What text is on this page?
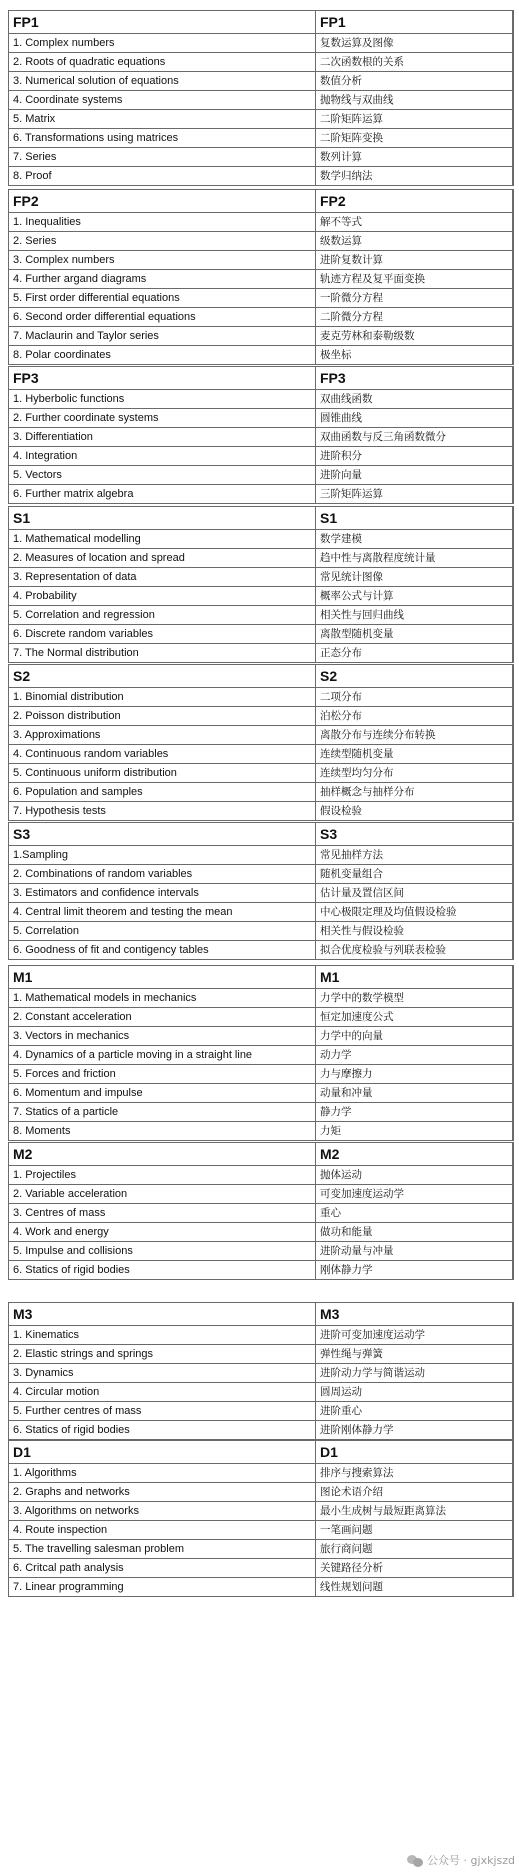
FP1	FP1
1. Complex numbers	复数运算及图像
2. Roots of quadratic equations	二次函数根的关系
3. Numerical solution of equations	数值分析
4. Coordinate systems	抛物线与双曲线
5. Matrix	二阶矩阵运算
6. Transformations using matrices	二阶矩阵变换
7. Series	数列计算
8. Proof	数学归纳法
FP2	FP2
1. Inequalities	解不等式
2. Series	级数运算
3. Complex numbers	进阶复数计算
4. Further argand diagrams	轨迹方程及复平面变换
5. First order differential equations	一阶微分方程
6. Second order differential equations	二阶微分方程
7. Maclaurin and Taylor series	麦克劳林和泰勒级数
8. Polar coordinates	极坐标
FP3	FP3
1. Hyberbolic functions	双曲线函数
2. Further coordinate systems	圆锥曲线
3. Differentiation	双曲函数与反三角函数微分
4. Integration	进阶积分
5. Vectors	进阶向量
6. Further matrix algebra	三阶矩阵运算
S1	S1
1. Mathematical modelling	数学建模
2. Measures of location and spread	趋中性与离散程度统计量
3. Representation of data	常见统计图像
4. Probability	概率公式与计算
5. Correlation and regression	相关性与回归曲线
6. Discrete random variables	离散型随机变量
7. The Normal distribution	正态分布
S2	S2
1. Binomial distribution	二项分布
2. Poisson distribution	泊松分布
3. Approximations	离散分布与连续分布转换
4. Continuous random variables	连续型随机变量
5. Continuous uniform distribution	连续型均匀分布
6. Population and samples	抽样概念与抽样分布
7. Hypothesis tests	假设检验
S3	S3
1.Sampling	常见抽样方法
2. Combinations of random variables	随机变量组合
3. Estimators and confidence intervals	估计量及置信区间
4. Central limit theorem and testing the mean	中心极限定理及均值假设检验
5. Correlation	相关性与假设检验
6. Goodness of fit and contigency tables	拟合优度检验与列联表检验
M1	M1
1. Mathematical models in mechanics	力学中的数学模型
2. Constant acceleration	恒定加速度公式
3. Vectors in mechanics	力学中的向量
4. Dynamics of a particle moving in a straight line	动力学
5. Forces and friction	力与摩擦力
6. Momentum and impulse	动量和冲量
7. Statics of a particle	静力学
8. Moments	力矩
M2	M2
1. Projectiles	抛体运动
2. Variable acceleration	可变加速度运动学
3. Centres of mass	重心
4. Work and energy	做功和能量
5. Impulse and collisions	进阶动量与冲量
6. Statics of rigid bodies	刚体静力学
M3	M3
1. Kinematics	进阶可变加速度运动学
2. Elastic strings and springs	弹性绳与弹簧
3. Dynamics	进阶动力学与简谐运动
4. Circular motion	圆周运动
5. Further centres of mass	进阶重心
6. Statics of rigid bodies	进阶刚体静力学
D1	D1
1. Algorithms	排序与搜索算法
2. Graphs and networks	图论术语介绍
3. Algorithms on networks	最小生成树与最短距离算法
4. Route inspection	一笔画问题
5. The travelling salesman problem	旅行商问题
6. Critcal path analysis	关键路径分析
7. Linear programming	线性规划问题
公众号 · gjxkjszd
